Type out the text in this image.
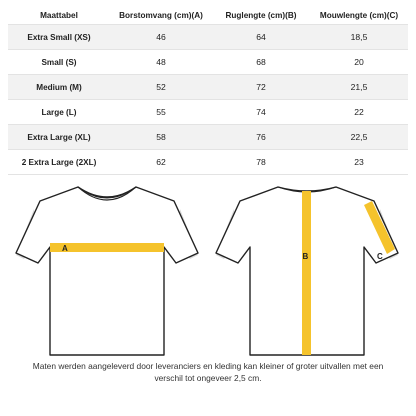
Maattabel	Borstomvang (cm)(A)	Ruglengte (cm)(B)	Mouwlengte (cm)(C)
Extra Small (XS)	46	64	18,5
Small (S)	48	68	20
Medium (M)	52	72	21,5
Large (L)	55	74	22
Extra Large (XL)	58	76	22,5
2 Extra Large (2XL)	62	78	23
A
B	C
Maten werden aangeleverd door leveranciers en kleding kan kleiner of groter uitvallen met een verschil tot ongeveer 2,5 cm.
